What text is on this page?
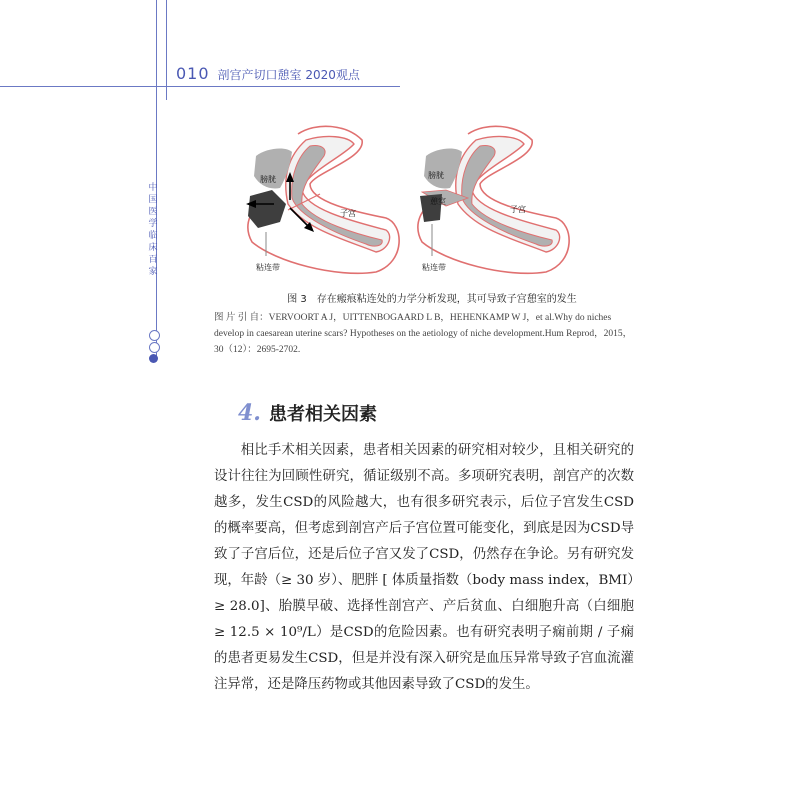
010 剖宫产切口憩室 2020观点
中国医学临床百家
膀胱
子宫
粘连带
膀胱
憩室
子宫
粘连带
图 3　存在瘢痕粘连处的力学分析发现，其可导致子宫憩室的发生
图 片 引 自：VERVOORT A J，UITTENBOGAARD L B，HEHENKAMP W J，et al.Why do niches develop in caesarean uterine scars? Hypotheses on the aetiology of niche development.Hum Reprod，2015，30（12）：2695-2702.
4. 患者相关因素

相比手术相关因素，患者相关因素的研究相对较少，且相关研究的设计往往为回顾性研究，循证级别不高。多项研究表明，剖宫产的次数越多，发生CSD的风险越大，也有很多研究表示，后位子宫发生CSD的概率要高，但考虑到剖宫产后子宫位置可能变化，到底是因为CSD导致了子宫后位，还是后位子宫又发了CSD，仍然存在争论。另有研究发现，年龄（≥ 30 岁）、肥胖 [ 体质量指数（body mass index，BMI）≥ 28.0]、胎膜早破、选择性剖宫产、产后贫血、白细胞升高（白细胞≥ 12.5 × 10⁹/L）是CSD的危险因素。也有研究表明子痫前期 / 子痫的患者更易发生CSD，但是并没有深入研究是血压异常导致子宫血流灌注异常，还是降压药物或其他因素导致了CSD的发生。
